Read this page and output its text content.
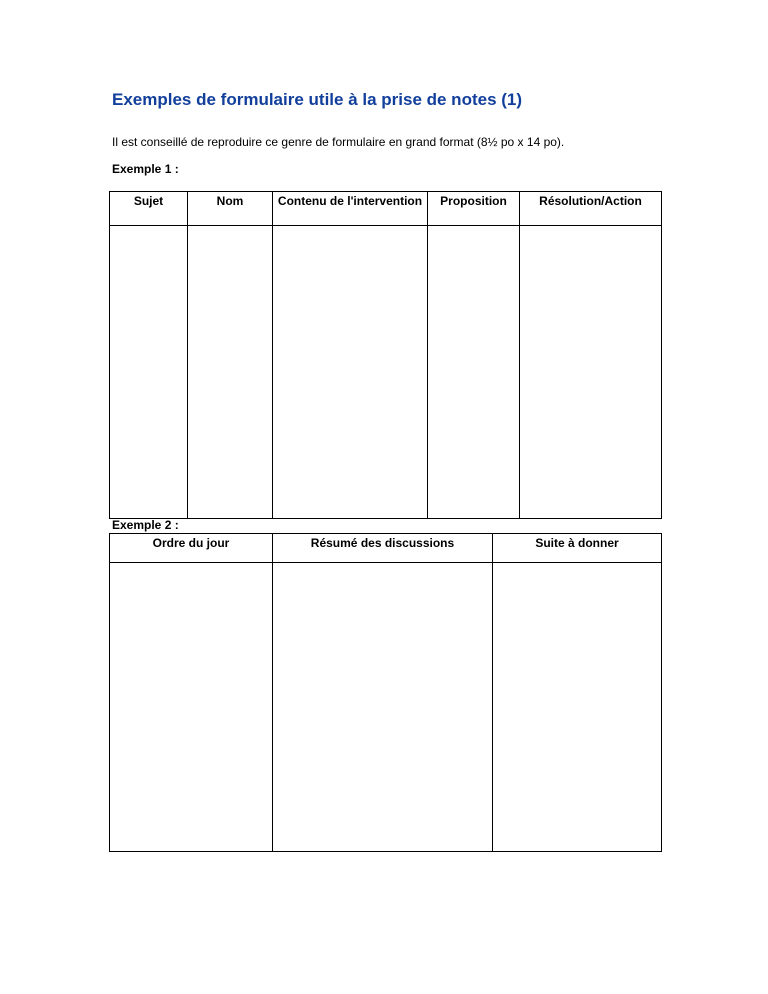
Exemples de formulaire utile à la prise de notes (1)
Il est conseillé de reproduire ce genre de formulaire en grand format (8½ po x 14 po).
Exemple 1 :
Sujet	Nom	Contenu de l'intervention	Proposition	Résolution/Action

Exemple 2 :
Ordre du jour	Résumé des discussions	Suite à donner
